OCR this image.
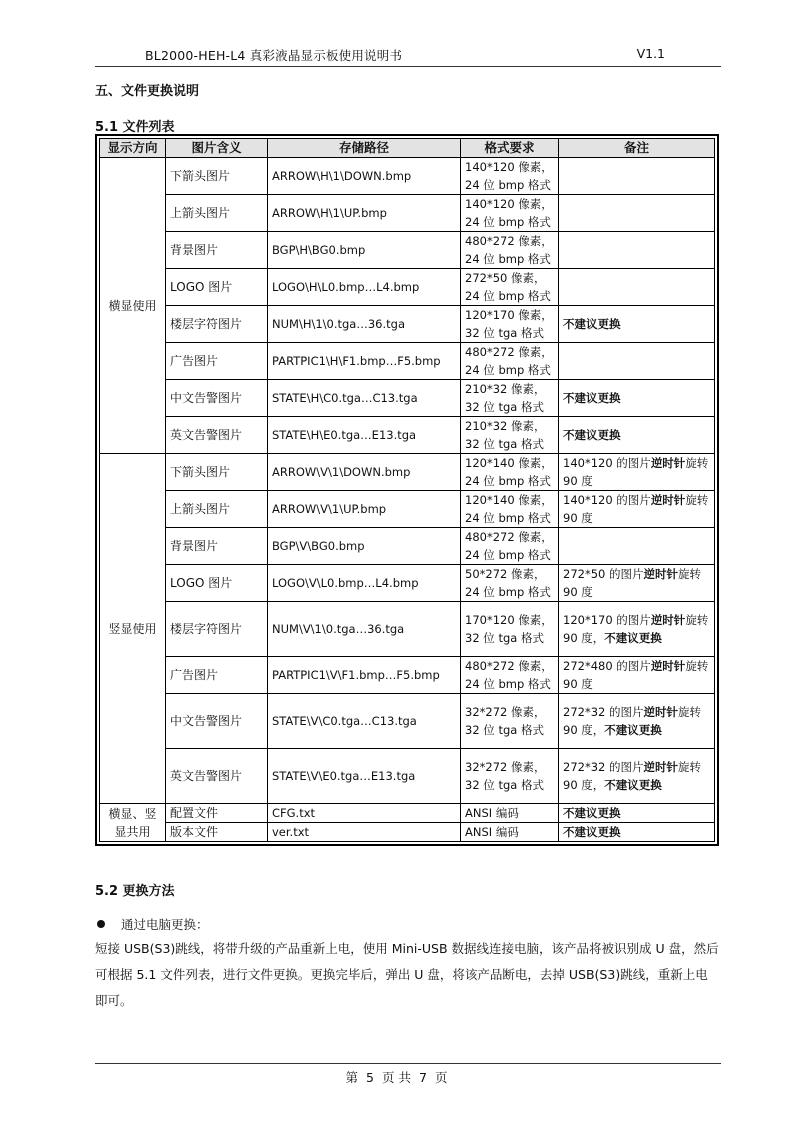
BL2000-HEH-L4 真彩液晶显示板使用说明书	V1.1
五、文件更换说明
5.1 文件列表
显示方向	图片含义	存储路径	格式要求	备注
横显使用	下箭头图片	ARROW\H\1\DOWN.bmp	140*120 像素，
24 位 bmp 格式	

	上箭头图片	ARROW\H\1\UP.bmp	140*120 像素，
24 位 bmp 格式	

	背景图片	BGP\H\BG0.bmp	480*272 像素，
24 位 bmp 格式	

	LOGO 图片	LOGO\H\L0.bmp…L4.bmp	272*50 像素，
24 位 bmp 格式	

	楼层字符图片	NUM\H\1\0.tga…36.tga	120*170 像素，
32 位 tga 格式	不建议更换
	广告图片	PARTPIC1\H\F1.bmp…F5.bmp	480*272 像素，
24 位 bmp 格式	

	中文告警图片	STATE\H\C0.tga…C13.tga	210*32 像素，
32 位 tga 格式	不建议更换
	英文告警图片	STATE\H\E0.tga…E13.tga	210*32 像素，
32 位 tga 格式	不建议更换
竖显使用	下箭头图片	ARROW\V\1\DOWN.bmp	120*140 像素，
24 位 bmp 格式	140*120 的图片逆时针旋转 90 度
	上箭头图片	ARROW\V\1\UP.bmp	120*140 像素，
24 位 bmp 格式	140*120 的图片逆时针旋转 90 度
	背景图片	BGP\V\BG0.bmp	480*272 像素，
24 位 bmp 格式	

	LOGO 图片	LOGO\V\L0.bmp…L4.bmp	50*272 像素，
24 位 bmp 格式	272*50 的图片逆时针旋转 90 度
	楼层字符图片	NUM\V\1\0.tga…36.tga	170*120 像素，
32 位 tga 格式	120*170 的图片逆时针旋转 90 度，不建议更换
	广告图片	PARTPIC1\V\F1.bmp…F5.bmp	480*272 像素，
24 位 bmp 格式	272*480 的图片逆时针旋转 90 度
	中文告警图片	STATE\V\C0.tga…C13.tga	32*272 像素，
32 位 tga 格式	272*32 的图片逆时针旋转 90 度，不建议更换
	英文告警图片	STATE\V\E0.tga…E13.tga	32*272 像素，
32 位 tga 格式	272*32 的图片逆时针旋转 90 度，不建议更换
横显、竖显共用	配置文件	CFG.txt	ANSI 编码	不建议更换
	版本文件	ver.txt	ANSI 编码	不建议更换
5.2 更换方法
通过电脑更换：
短接 USB(S3)跳线，将带升级的产品重新上电，使用 Mini-USB 数据线连接电脑，该产品将被识别成 U 盘，然后可根据 5.1 文件列表，进行文件更换。更换完毕后，弹出 U 盘，将该产品断电，去掉 USB(S3)跳线，重新上电即可。
第 5 页 共 7 页
